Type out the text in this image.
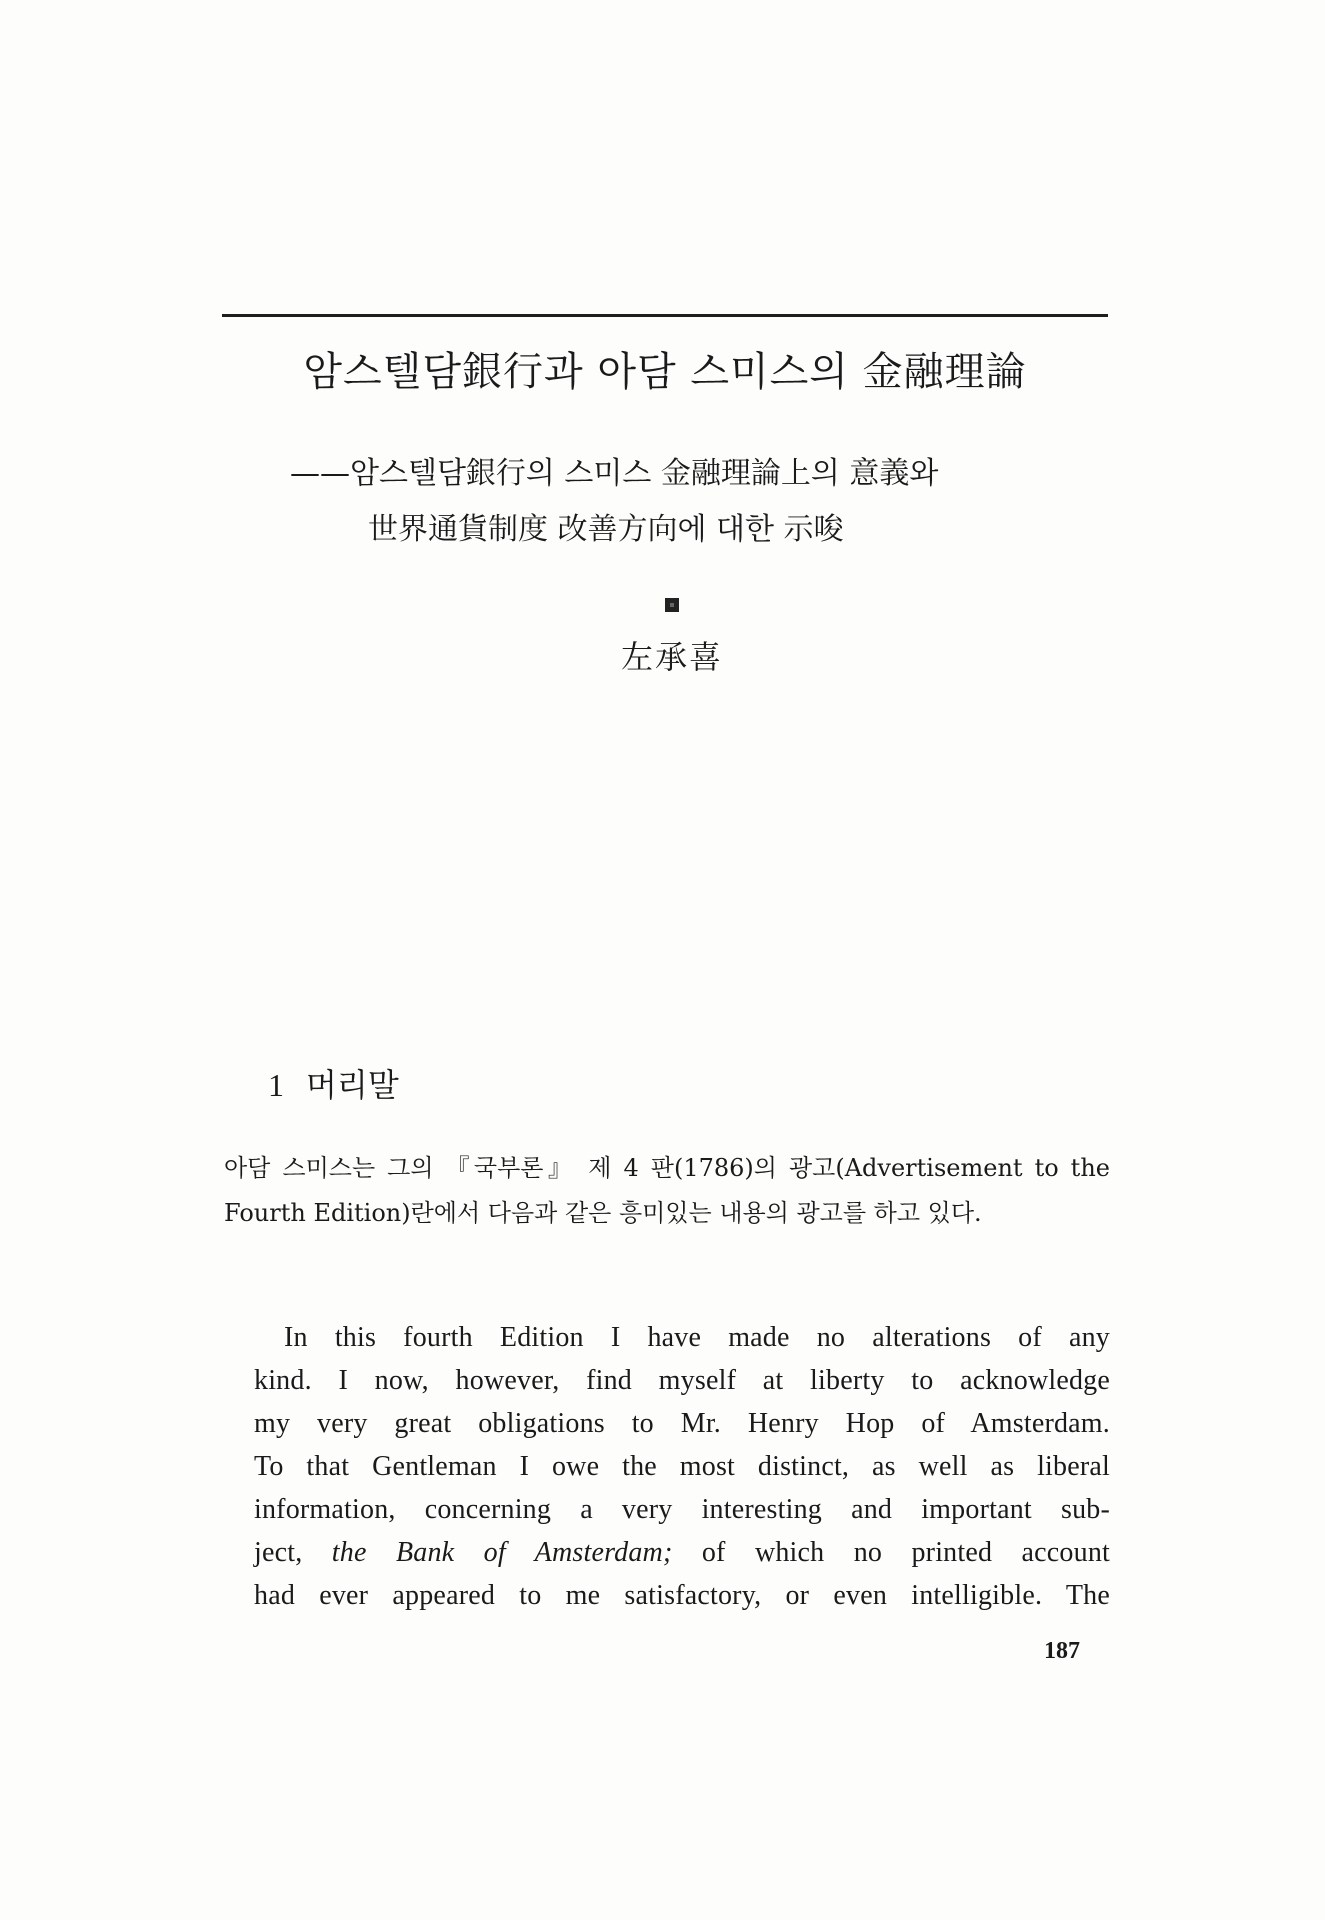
암스텔담銀行과 아담 스미스의 金融理論
——암스텔담銀行의 스미스 金融理論上의 意義와
世界通貨制度 改善方向에 대한 示唆
左承喜
1 머리말
아담 스미스는 그의 『국부론』 제 4 판(1786)의 광고(Advertisement to the Fourth Edition)란에서 다음과 같은 흥미있는 내용의 광고를 하고 있다.
In this fourth Edition I have made no alterations of any
kind. I now, however, find myself at liberty to acknowledge
my very great obligations to Mr. Henry Hop of Amsterdam.
To that Gentleman I owe the most distinct, as well as liberal
information, concerning a very interesting and important sub-
ject, the Bank of Amsterdam; of which no printed account
had ever appeared to me satisfactory, or even intelligible. The
187
